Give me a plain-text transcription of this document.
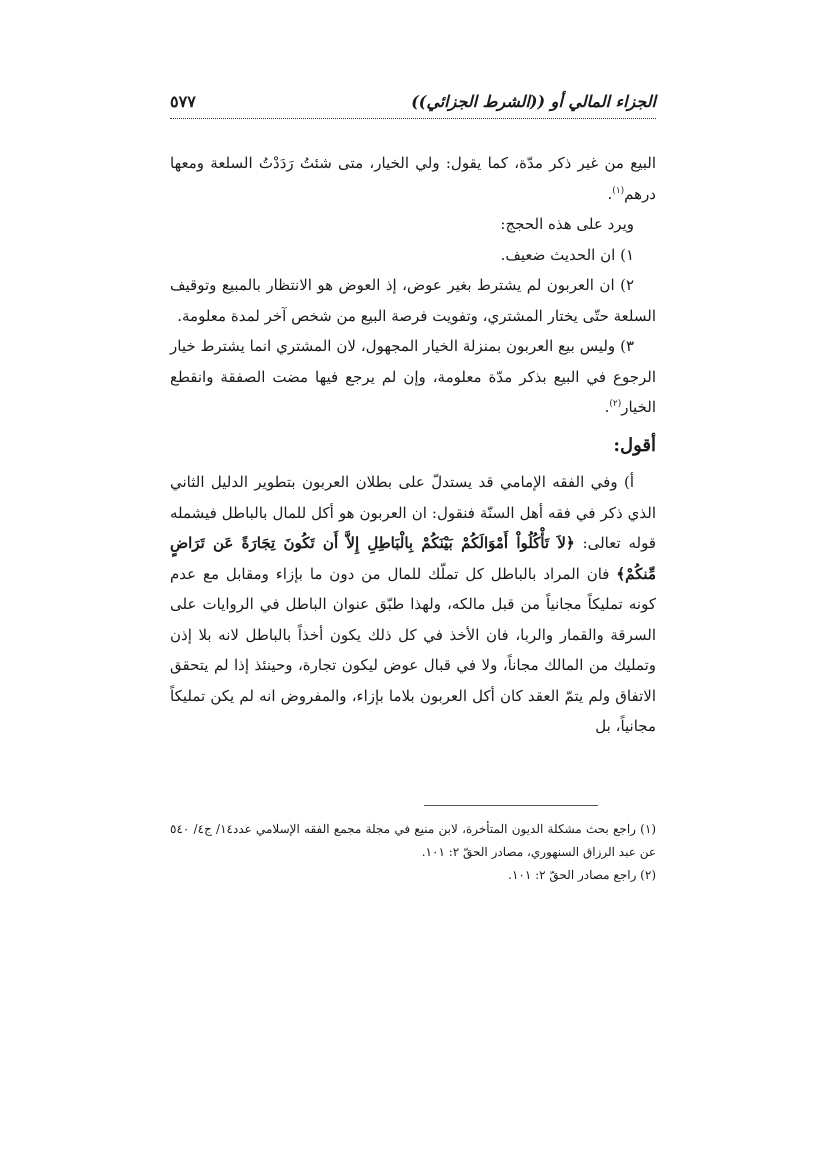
الجزاء المالي أو ((الشرط الجزائي))
٥٧٧

البيع من غير ذكر مدّة، كما يقول: ولي الخيار، متى شئتُ رَدَدْتُ السلعة ومعها درهم$^{(١)}$.

ويرد على هذه الحجج:

١) ان الحديث ضعيف.

٢) ان العربون لم يشترط بغير عوض، إذ العوض هو الانتظار بالمبيع وتوقيف السلعة حتّى يختار المشتري، وتفويت فرصة البيع من شخص آخر لمدة معلومة.

٣) وليس بيع العربون بمنزلة الخيار المجهول، لان المشتري انما يشترط خيار الرجوع في البيع بذكر مدّة معلومة، وإن لم يرجع فيها مضت الصفقة وانقطع الخيار$^{(٢)}$.

أقول:

أ) وفي الفقه الإمامي قد يستدلّ على بطلان العربون بتطوير الدليل الثاني الذي ذكر في فقه أهل السنّة فنقول: ان العربون هو أكل للمال بالباطل فيشمله قوله تعالى: ﴿لاَ تَأْكُلُواْ أَمْوَالَكُمْ بَيْنَكُمْ بِالْبَاطِلِ إِلاَّ أَن تَكُونَ تِجَارَةً عَن تَرَاضٍ مِّنكُمْ﴾ فان المراد بالباطل كل تملّك للمال من دون ما بإزاء ومقابل مع عدم كونه تمليكاً مجانياً من قبل مالكه، ولهذا طبّق عنوان الباطل في الروايات على السرقة والقمار والربا، فان الأخذ في كل ذلك يكون أخذاً بالباطل لانه بلا إذن وتمليك من المالك مجاناً، ولا في قبال عوض ليكون تجارة، وحينئذ إذا لم يتحقق الاتفاق ولم يتمّ العقد كان أكل العربون بلاما بإزاء، والمفروض انه لم يكن تمليكاً مجانياً، بل

(١) راجع بحث مشكلة الديون المتأخرة، لابن منيع في مجلة مجمع الفقه الإسلامي عدد١٤/ ج٤/ ٥٤٠ عن عبد الرزاق السنهوري، مصادر الحقّ ٢: ١٠١.

(٢) راجع مصادر الحقّ ٢: ١٠١.
